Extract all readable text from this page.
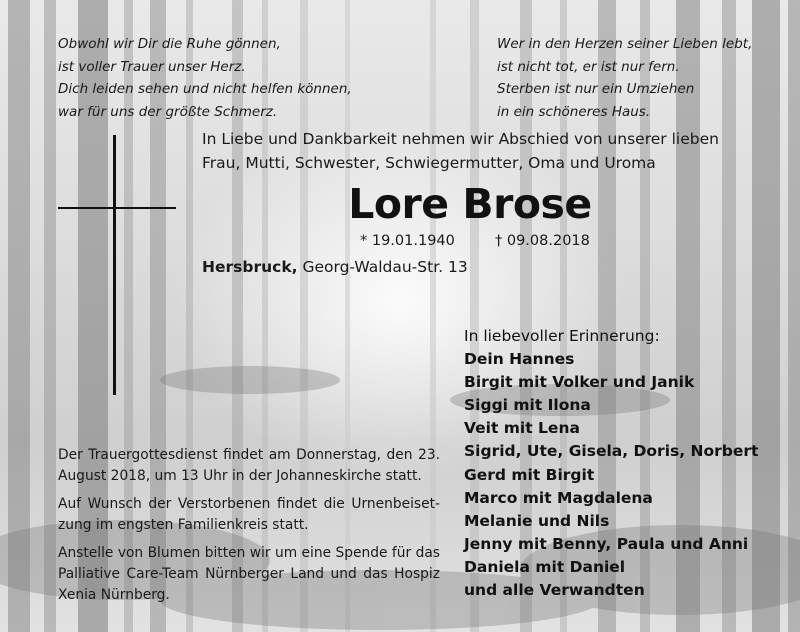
Obwohl wir Dir die Ruhe gönnen,
ist voller Trauer unser Herz.
Dich leiden sehen und nicht helfen können,
war für uns der größte Schmerz.
Wer in den Herzen seiner Lieben lebt,
ist nicht tot, er ist nur fern.
Sterben ist nur ein Umziehen
in ein schöneres Haus.
In Liebe und Dankbarkeit nehmen wir Abschied von unserer lieben
Frau, Mutti, Schwester, Schwiegermutter, Oma und Uroma
Lore Brose
* 19.01.1940	† 09.08.2018
Hersbruck, Georg-Waldau-Str. 13
In liebevoller Erinnerung:
Dein Hannes
Birgit mit Volker und Janik
Siggi mit Ilona
Veit mit Lena
Sigrid, Ute, Gisela, Doris, Norbert
Gerd mit Birgit
Marco mit Magdalena
Melanie und Nils
Jenny mit Benny, Paula und Anni
Daniela mit Daniel
und alle Verwandten

Der Trauergottesdienst findet am Donnerstag, den 23. August 2018, um 13 Uhr in der Johanneskirche statt.

Auf Wunsch der Verstorbenen findet die Urnenbeiset-zung im engsten Familienkreis statt.

Anstelle von Blumen bitten wir um eine Spende für das Palliative Care-Team Nürnberger Land und das Hospiz Xenia Nürnberg.
